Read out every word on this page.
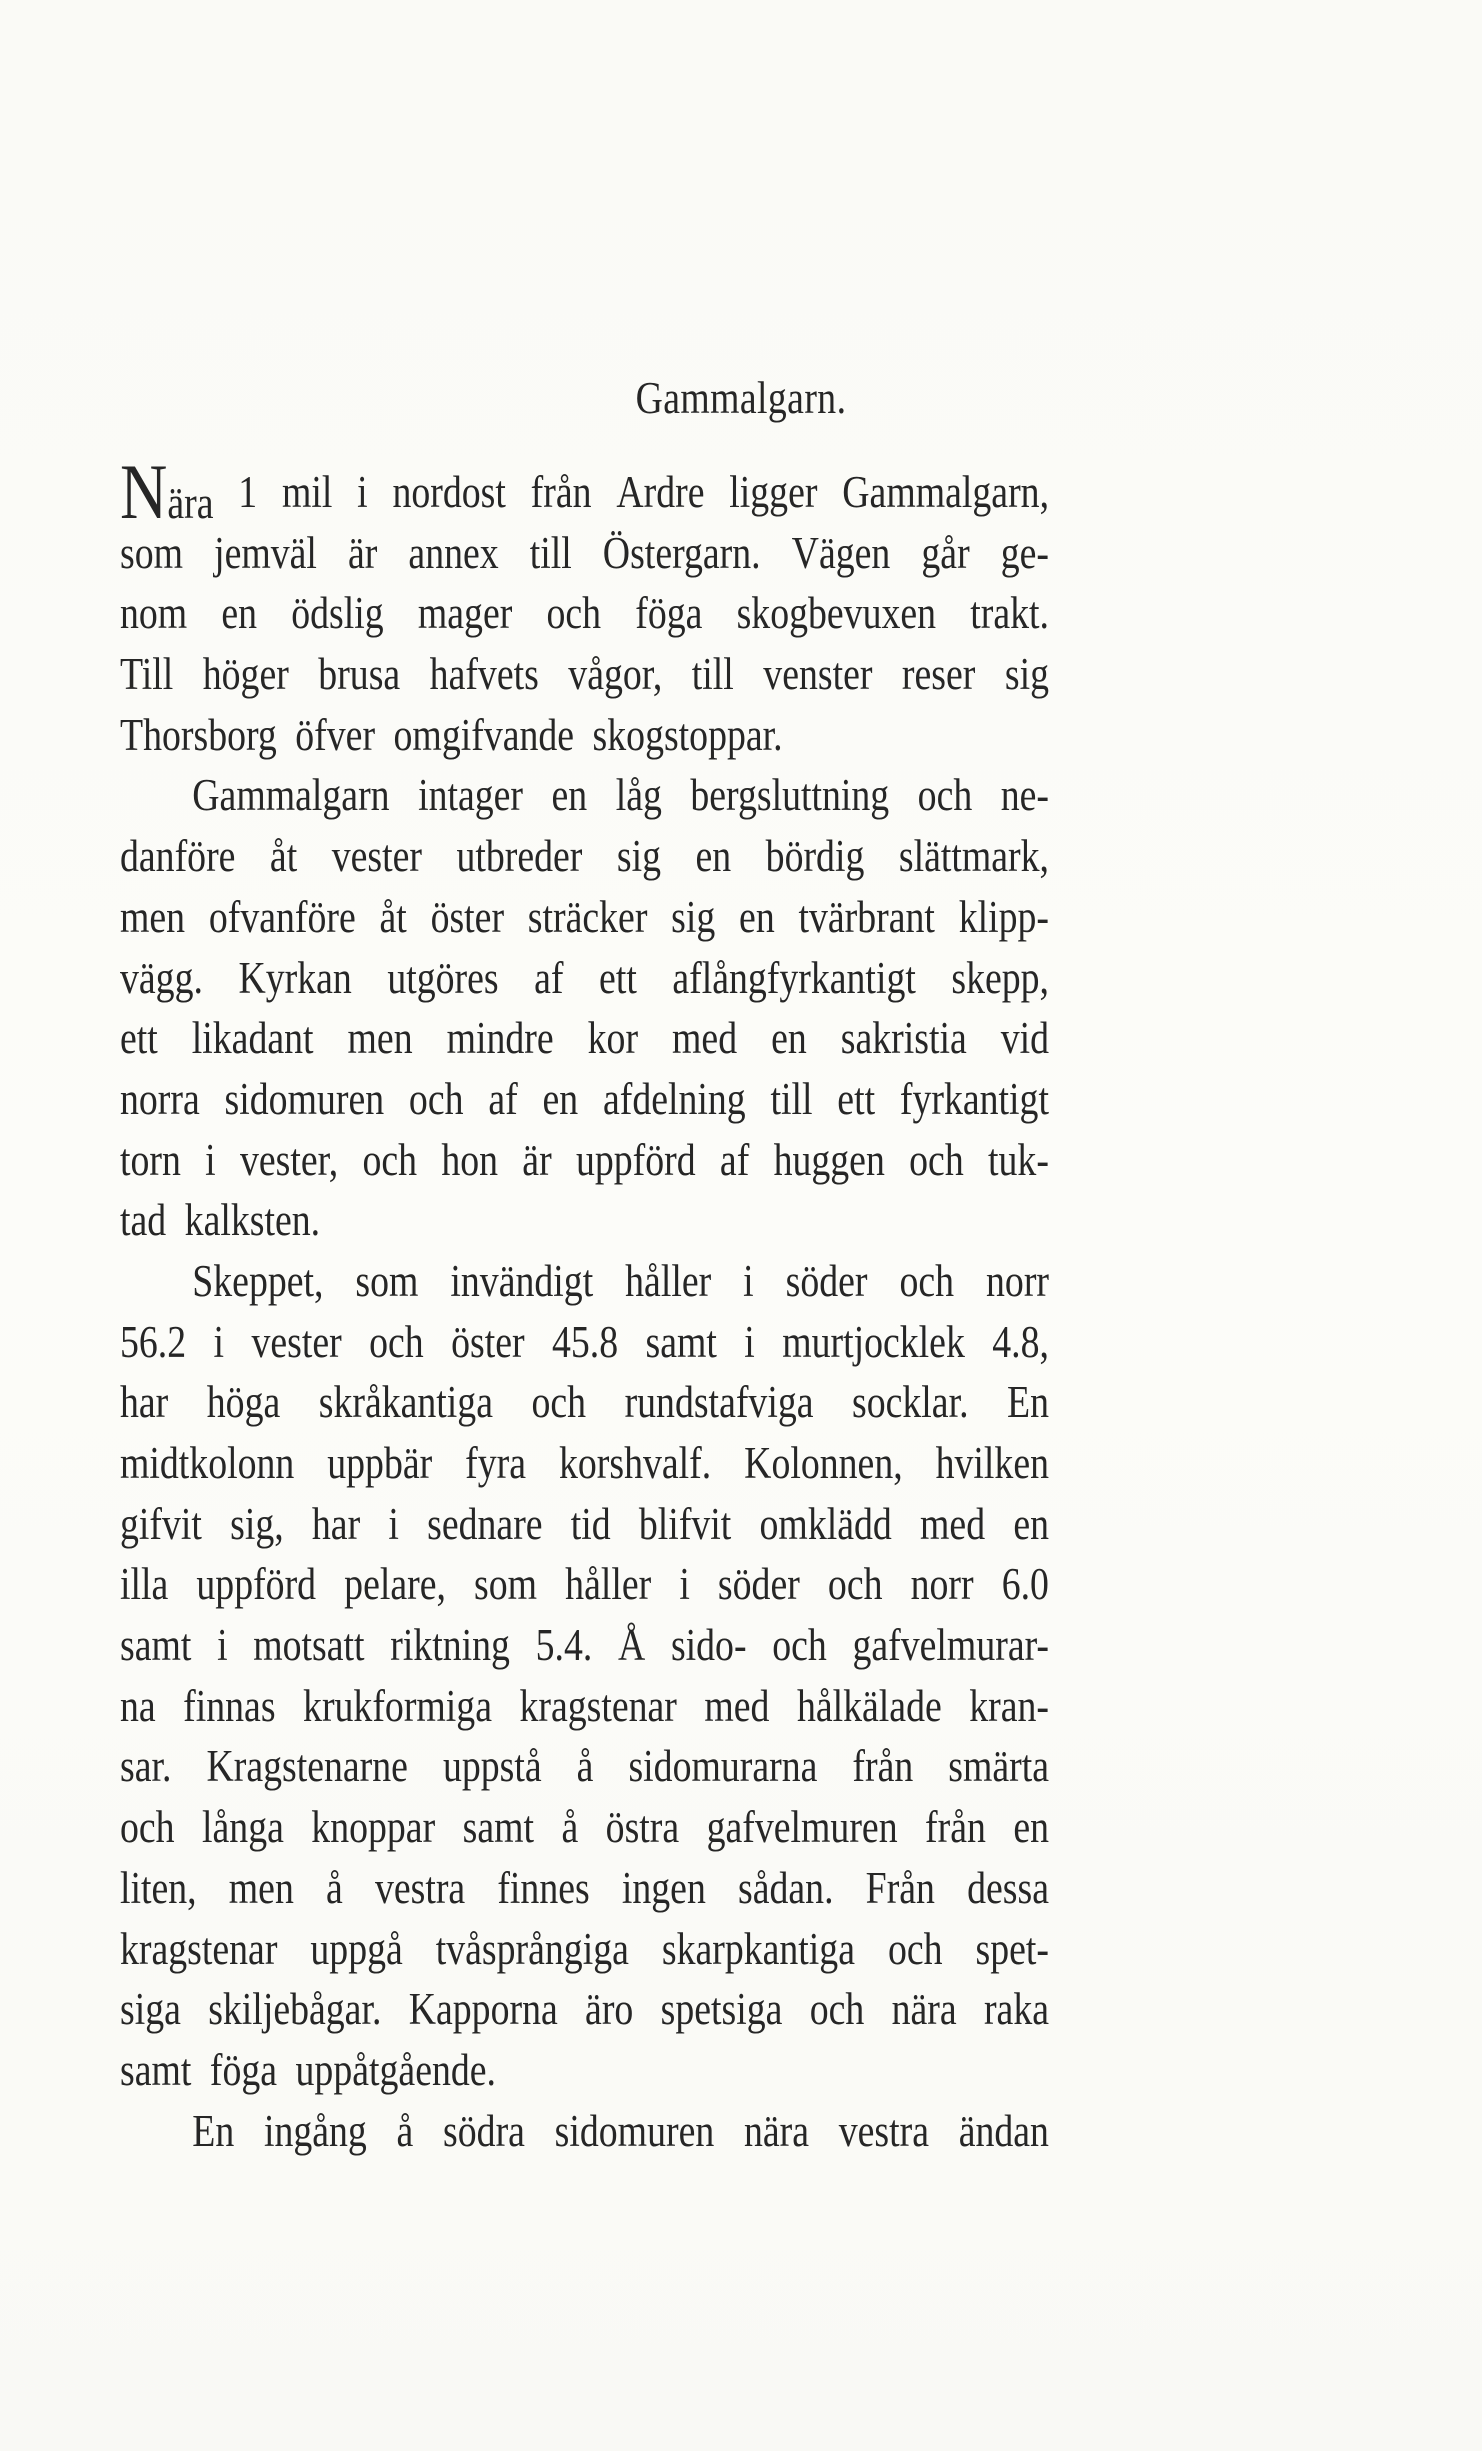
Gammalgarn.
Nära 1 mil i nordost från Ardre ligger Gammalgarn,
som jemväl är annex till Östergarn. Vägen går ge-
nom en ödslig mager och föga skogbevuxen trakt.
Till höger brusa hafvets vågor, till venster reser sig
Thorsborg öfver omgifvande skogstoppar.
Gammalgarn intager en låg bergsluttning och ne-
danföre åt vester utbreder sig en bördig slättmark,
men ofvanföre åt öster sträcker sig en tvärbrant klipp-
vägg. Kyrkan utgöres af ett aflångfyrkantigt skepp,
ett likadant men mindre kor med en sakristia vid
norra sidomuren och af en afdelning till ett fyrkantigt
torn i vester, och hon är uppförd af huggen och tuk-
tad kalksten.
Skeppet, som invändigt håller i söder och norr
56.2 i vester och öster 45.8 samt i murtjocklek 4.8,
har höga skråkantiga och rundstafviga socklar. En
midtkolonn uppbär fyra korshvalf. Kolonnen, hvilken
gifvit sig, har i sednare tid blifvit omklädd med en
illa uppförd pelare, som håller i söder och norr 6.0
samt i motsatt riktning 5.4. Å sido- och gafvelmurar-
na finnas krukformiga kragstenar med hålkälade kran-
sar. Kragstenarne uppstå å sidomurarna från smärta
och långa knoppar samt å östra gafvelmuren från en
liten, men å vestra finnes ingen sådan. Från dessa
kragstenar uppgå tvåsprångiga skarpkantiga och spet-
siga skiljebågar. Kapporna äro spetsiga och nära raka
samt föga uppåtgående.
En ingång å södra sidomuren nära vestra ändan
